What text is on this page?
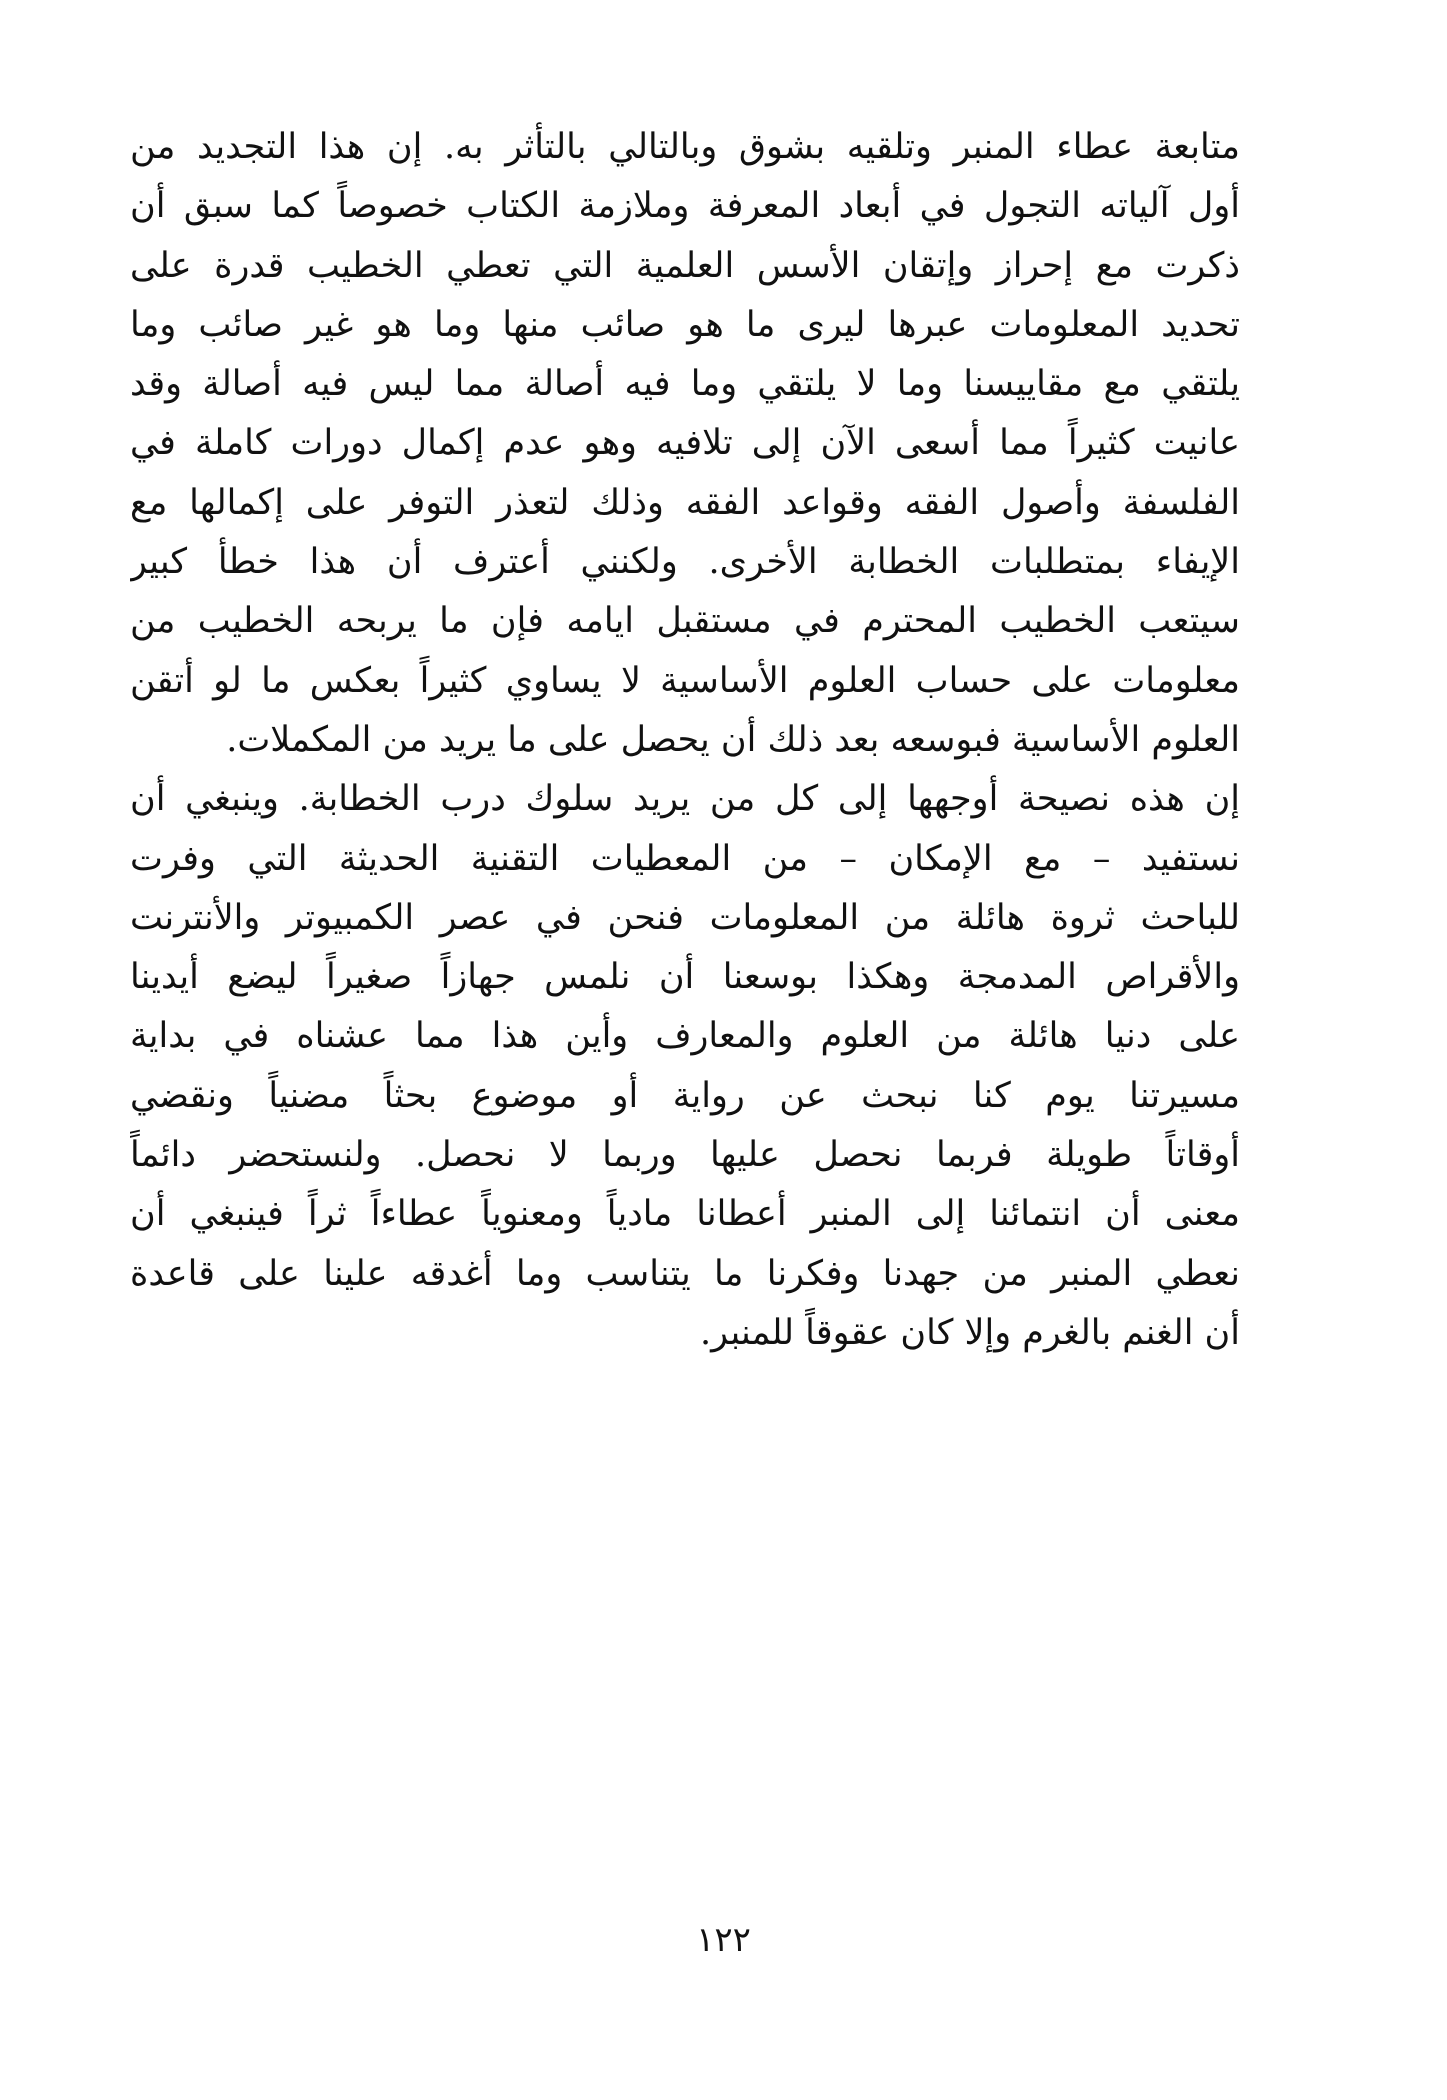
متابعة عطاء المنبر وتلقيه بشوق وبالتالي بالتأثر به. إن هذا التجديد من
أول آلياته التجول في أبعاد المعرفة وملازمة الكتاب خصوصاً كما سبق أن
ذكرت مع إحراز وإتقان الأسس العلمية التي تعطي الخطيب قدرة على
تحديد المعلومات عبرها ليرى ما هو صائب منها وما هو غير صائب وما
يلتقي مع مقاييسنا وما لا يلتقي وما فيه أصالة مما ليس فيه أصالة وقد
عانيت كثيراً مما أسعى الآن إلى تلافيه وهو عدم إكمال دورات كاملة في
الفلسفة وأصول الفقه وقواعد الفقه وذلك لتعذر التوفر على إكمالها مع
الإيفاء بمتطلبات الخطابة الأخرى. ولكنني أعترف أن هذا خطأ كبير
سيتعب الخطيب المحترم في مستقبل ايامه فإن ما يربحه الخطيب من
معلومات على حساب العلوم الأساسية لا يساوي كثيراً بعكس ما لو أتقن
العلوم الأساسية فبوسعه بعد ذلك أن يحصل على ما يريد من المكملات.
إن هذه نصيحة أوجهها إلى كل من يريد سلوك درب الخطابة. وينبغي أن
نستفيد – مع الإمكان – من المعطيات التقنية الحديثة التي وفرت
للباحث ثروة هائلة من المعلومات فنحن في عصر الكمبيوتر والأنترنت
والأقراص المدمجة وهكذا بوسعنا أن نلمس جهازاً صغيراً ليضع أيدينا
على دنيا هائلة من العلوم والمعارف وأين هذا مما عشناه في بداية
مسيرتنا يوم كنا نبحث عن رواية أو موضوع بحثاً مضنياً ونقضي
أوقاتاً طويلة فربما نحصل عليها وربما لا نحصل. ولنستحضر دائماً
معنى أن انتمائنا إلى المنبر أعطانا مادياً ومعنوياً عطاءاً ثراً فينبغي أن
نعطي المنبر من جهدنا وفكرنا ما يتناسب وما أغدقه علينا على قاعدة
أن الغنم بالغرم وإلا كان عقوقاً للمنبر.
١٢٢
